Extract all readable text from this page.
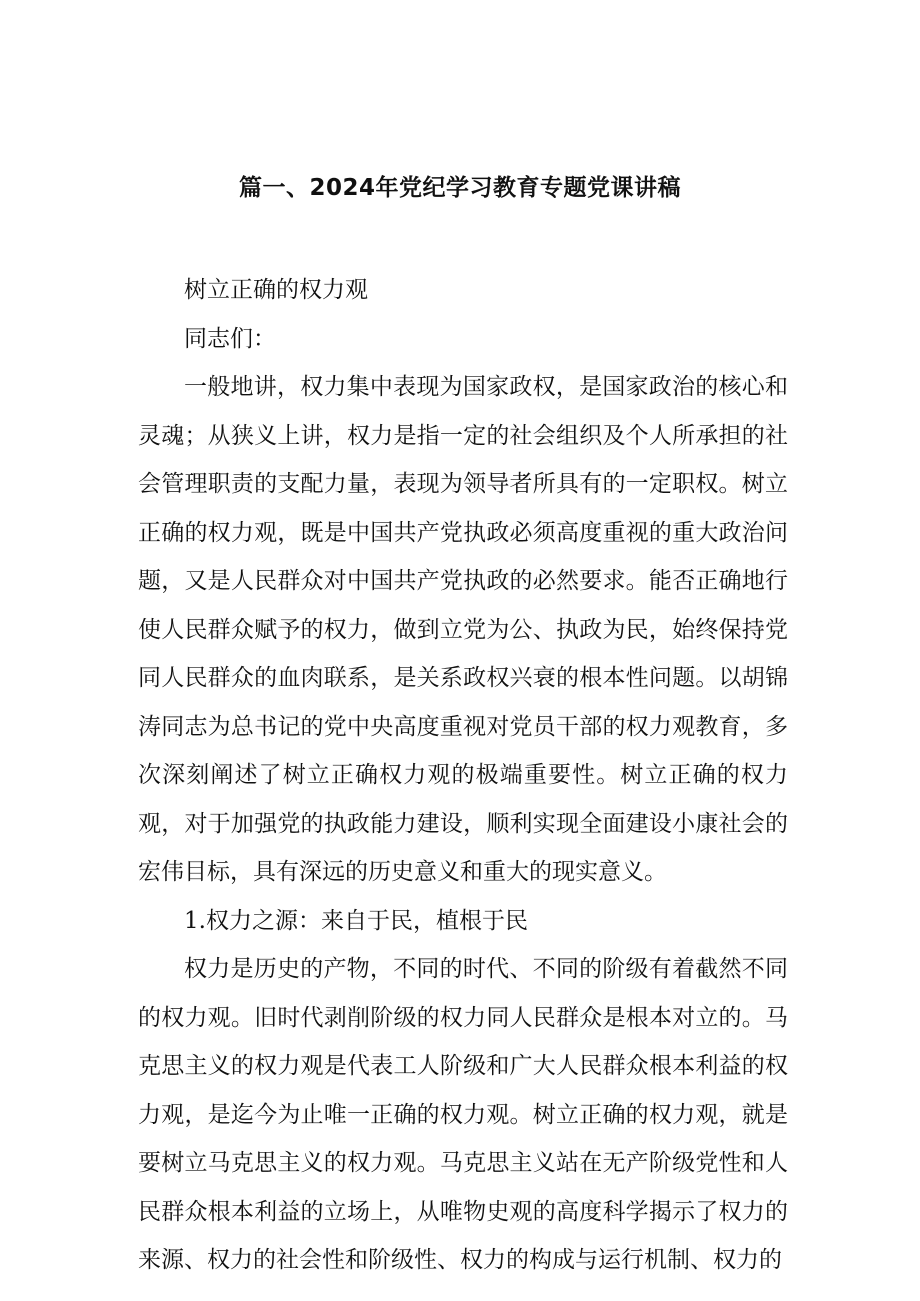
篇一、2024年党纪学习教育专题党课讲稿

树立正确的权力观

同志们：

一般地讲，权力集中表现为国家政权，是国家政治的核心和灵魂；从狭义上讲，权力是指一定的社会组织及个人所承担的社会管理职责的支配力量，表现为领导者所具有的一定职权。树立正确的权力观，既是中国共产党执政必须高度重视的重大政治问题，又是人民群众对中国共产党执政的必然要求。能否正确地行使人民群众赋予的权力，做到立党为公、执政为民，始终保持党同人民群众的血肉联系，是关系政权兴衰的根本性问题。以胡锦涛同志为总书记的党中央高度重视对党员干部的权力观教育，多次深刻阐述了树立正确权力观的极端重要性。树立正确的权力观，对于加强党的执政能力建设，顺利实现全面建设小康社会的宏伟目标，具有深远的历史意义和重大的现实意义。

1.权力之源：来自于民，植根于民

权力是历史的产物，不同的时代、不同的阶级有着截然不同的权力观。旧时代剥削阶级的权力同人民群众是根本对立的。马克思主义的权力观是代表工人阶级和广大人民群众根本利益的权力观，是迄今为止唯一正确的权力观。树立正确的权力观，就是要树立马克思主义的权力观。马克思主义站在无产阶级党性和人民群众根本利益的立场上，从唯物史观的高度科学揭示了权力的来源、权力的社会性和阶级性、权力的构成与运行机制、权力的
